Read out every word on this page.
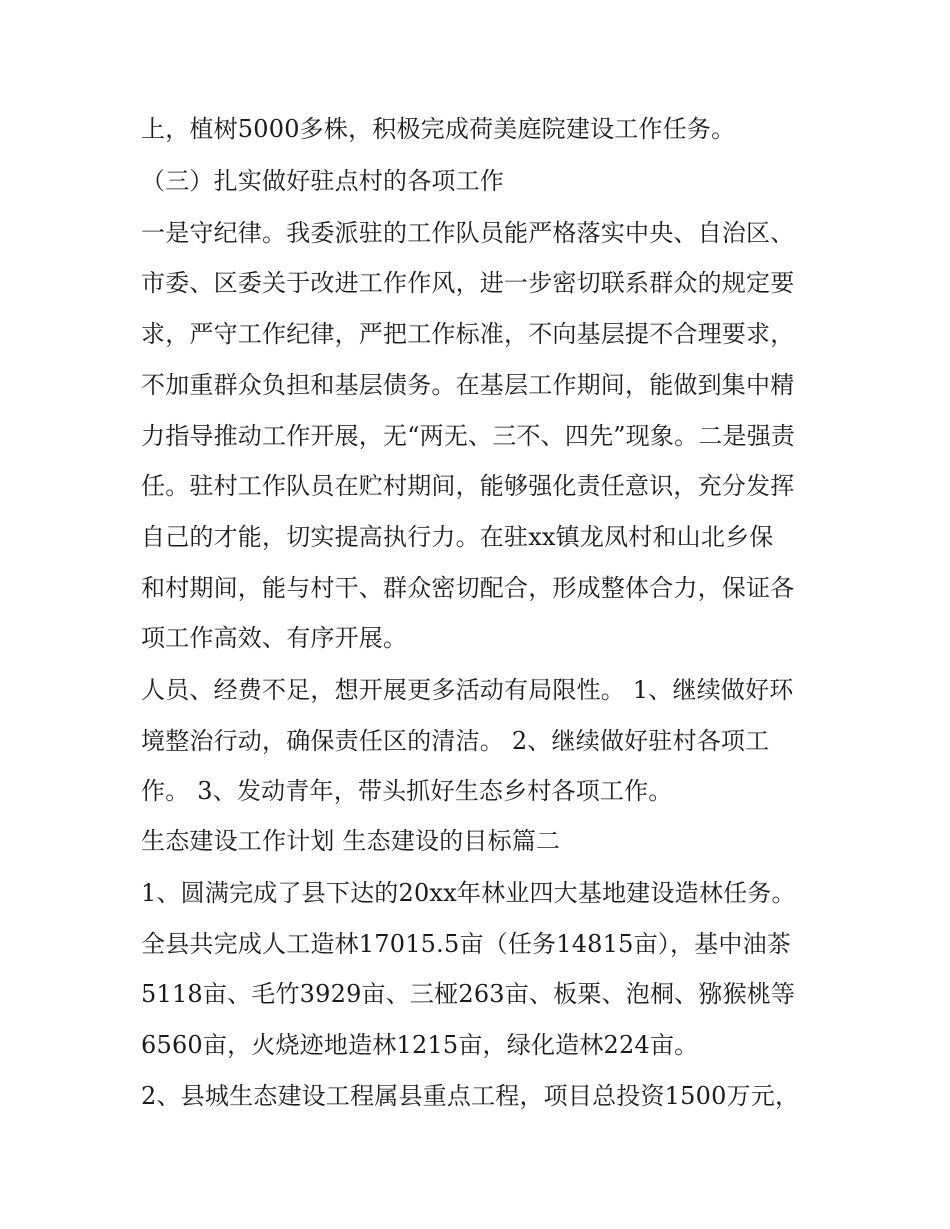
上，植树5000多株，积极完成荷美庭院建设工作任务。
（三）扎实做好驻点村的各项工作
一是守纪律。我委派驻的工作队员能严格落实中央、自治区、
市委、区委关于改进工作作风，进一步密切联系群众的规定要
求，严守工作纪律，严把工作标准，不向基层提不合理要求，
不加重群众负担和基层债务。在基层工作期间，能做到集中精
力指导推动工作开展，无“两无、三不、四先”现象。二是强责
任。驻村工作队员在贮村期间，能够强化责任意识，充分发挥
自己的才能，切实提高执行力。在驻xx镇龙凤村和山北乡保
和村期间，能与村干、群众密切配合，形成整体合力，保证各
项工作高效、有序开展。
人员、经费不足，想开展更多活动有局限性。 1、继续做好环
境整治行动，确保责任区的清洁。 2、继续做好驻村各项工
作。 3、发动青年，带头抓好生态乡村各项工作。
生态建设工作计划 生态建设的目标篇二
1、圆满完成了县下达的20xx年林业四大基地建设造林任务。
全县共完成人工造林17015.5亩（任务14815亩），基中油茶
5118亩、毛竹3929亩、三桠263亩、板栗、泡桐、猕猴桃等
6560亩，火烧迹地造林1215亩，绿化造林224亩。
2、县城生态建设工程属县重点工程，项目总投资1500万元，
